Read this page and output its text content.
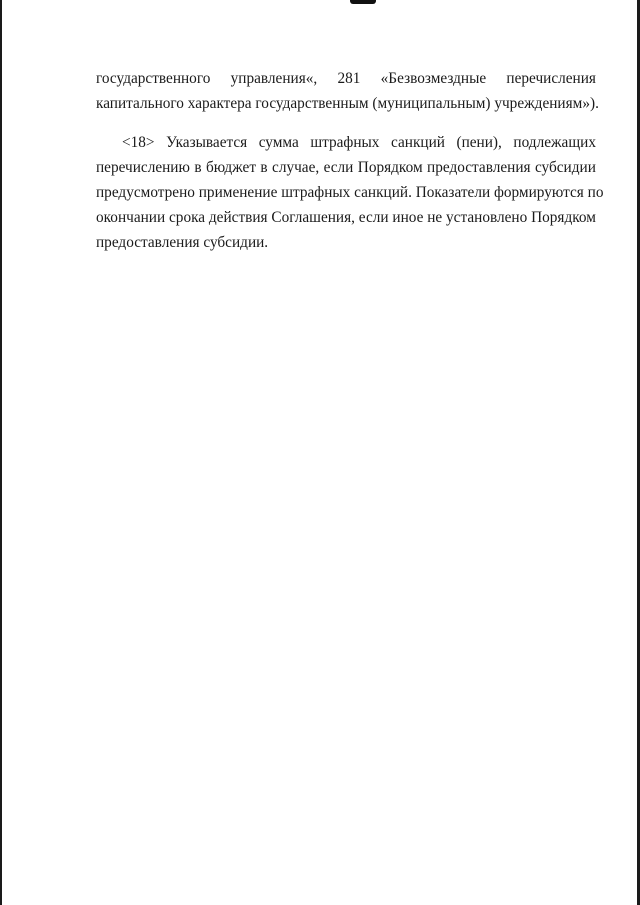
государственного управления«, 281 «Безвозмездные перечисления
капитального характера государственным (муниципальным) учреждениям»).
<18> Указывается сумма штрафных санкций (пени), подлежащих
перечислению в бюджет в случае, если Порядком предоставления субсидии
предусмотрено применение штрафных санкций. Показатели формируются по
окончании срока действия Соглашения, если иное не установлено Порядком
предоставления субсидии.
